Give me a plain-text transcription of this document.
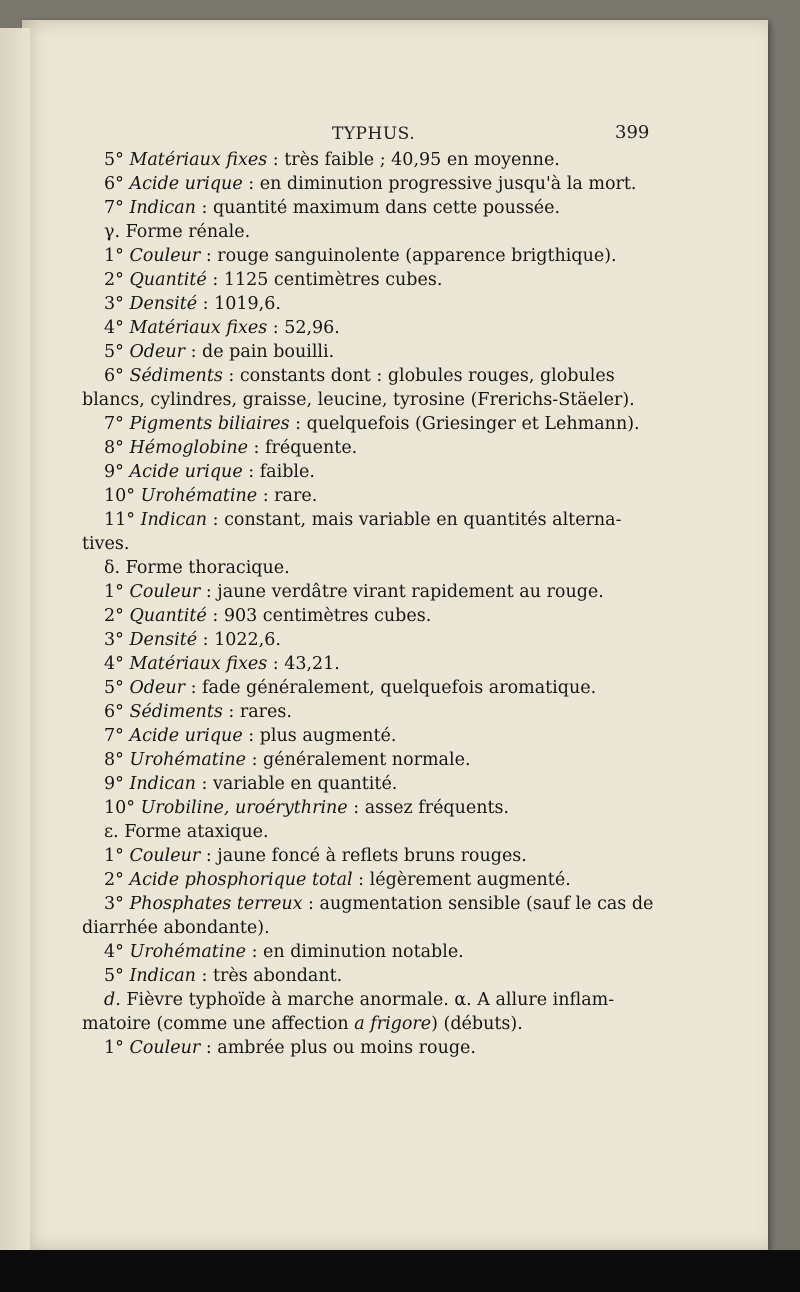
TYPHUS.	399
5° Matériaux fixes : très faible ; 40,95 en moyenne.
6° Acide urique : en diminution progressive jusqu'à la mort.
7° Indican : quantité maximum dans cette poussée.
γ. Forme rénale.
1° Couleur : rouge sanguinolente (apparence brigthique).
2° Quantité : 1125 centimètres cubes.
3° Densité : 1019,6.
4° Matériaux fixes : 52,96.
5° Odeur : de pain bouilli.
6° Sédiments : constants dont : globules rouges, globules
blancs, cylindres, graisse, leucine, tyrosine (Frerichs-Stäeler).
7° Pigments biliaires : quelquefois (Griesinger et Lehmann).
8° Hémoglobine : fréquente.
9° Acide urique : faible.
10° Urohématine : rare.
11° Indican : constant, mais variable en quantités alterna-
tives.
δ. Forme thoracique.
1° Couleur : jaune verdâtre virant rapidement au rouge.
2° Quantité : 903 centimètres cubes.
3° Densité : 1022,6.
4° Matériaux fixes : 43,21.
5° Odeur : fade généralement, quelquefois aromatique.
6° Sédiments : rares.
7° Acide urique : plus augmenté.
8° Urohématine : généralement normale.
9° Indican : variable en quantité.
10° Urobiline, uroérythrine : assez fréquents.
ε. Forme ataxique.
1° Couleur : jaune foncé à reflets bruns rouges.
2° Acide phosphorique total : légèrement augmenté.
3° Phosphates terreux : augmentation sensible (sauf le cas de
diarrhée abondante).
4° Urohématine : en diminution notable.
5° Indican : très abondant.
d. Fièvre typhoïde à marche anormale. α. A allure inflam-
matoire (comme une affection a frigore) (débuts).
1° Couleur : ambrée plus ou moins rouge.
